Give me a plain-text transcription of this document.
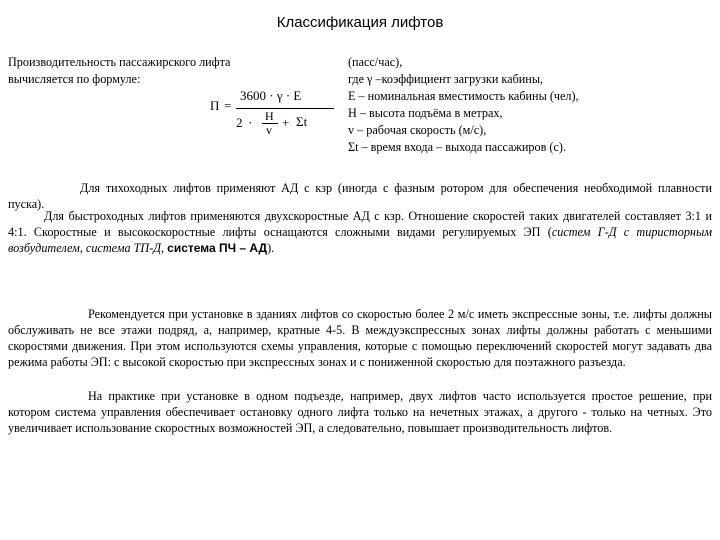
Классификация лифтов
Производительность пассажирского лифта
вычисляется по формуле:
П =
3600 · γ · E
2 · H
v + Σt
(пасс/час),
где γ –коэффициент загрузки кабины,
E – номинальная вместимость кабины (чел),
H – высота подъёма в метрах,
v – рабочая скорость (м/с),
Σt – время входа – выхода пассажиров (с).
Для тихоходных лифтов применяют АД с кзр (иногда с фазным ротором для обеспечения необходимой плавности пуска).
Для быстроходных лифтов применяются двухскоростные АД с кзр. Отношение скоростей таких двигателей составляет 3:1 и 4:1. Скоростные и высокоскоростные лифты оснащаются сложными видами регулируемых ЭП (систем Г-Д с тиристорным возбудителем, система ТП-Д, система ПЧ – АД).
Рекомендуется при установке в зданиях лифтов со скоростью более 2 м/с иметь экспрессные зоны, т.е. лифты должны обслуживать не все этажи подряд, а, например, кратные 4-5. В междуэкспрессных зонах лифты должны работать с меньшими скоростями движения. При этом используются схемы управления, которые с помощью переключений скоростей могут задавать два режима работы ЭП: с высокой скоростью при экспрессных зонах и с пониженной скоростью для поэтажного разъезда.
На практике при установке в одном подъезде, например, двух лифтов часто используется простое решение, при котором система управления обеспечивает остановку одного лифта только на нечетных этажах, а другого - только на четных. Это увеличивает использование скоростных возможностей ЭП, а следовательно, повышает производительность лифтов.
